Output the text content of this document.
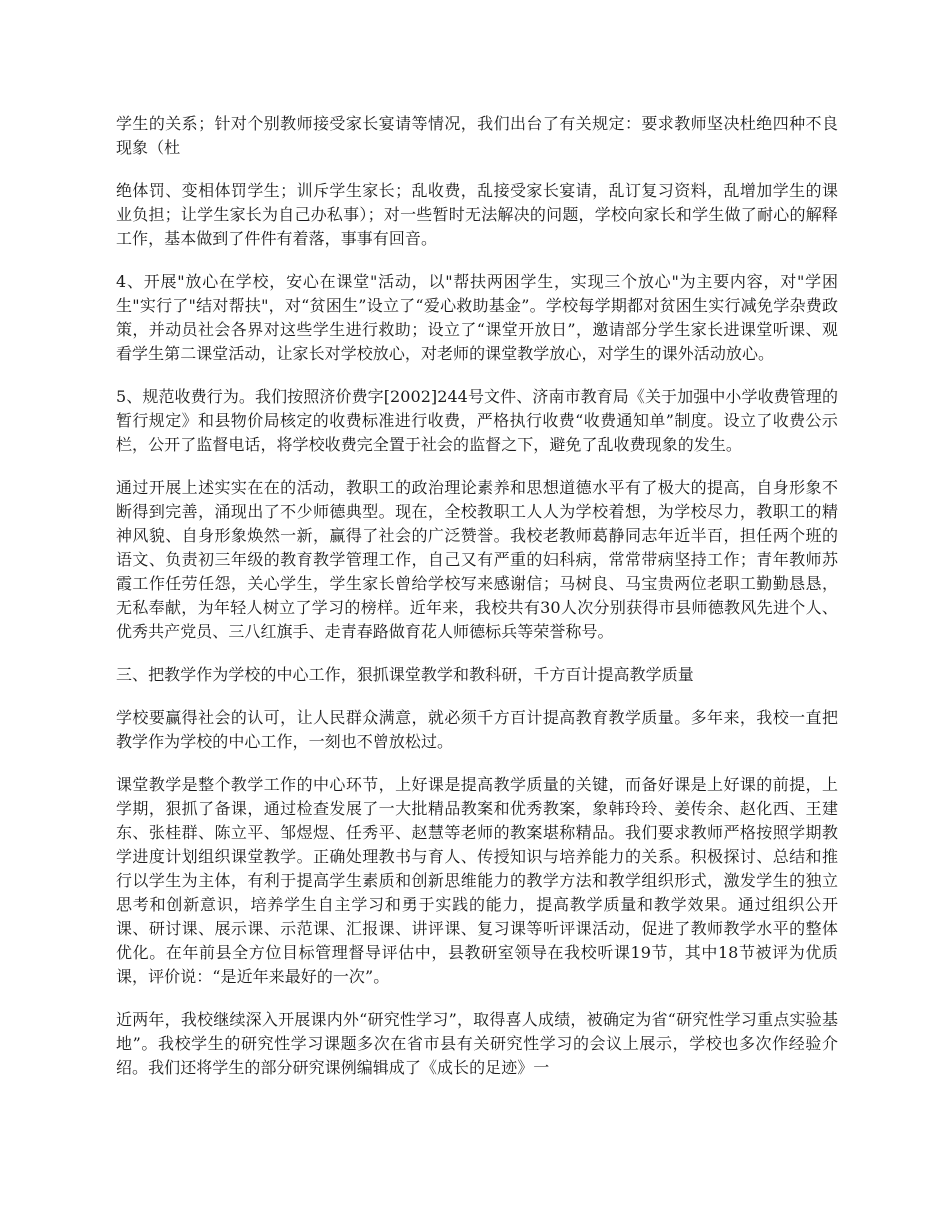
学生的关系；针对个别教师接受家长宴请等情况，我们出台了有关规定：要求教师坚决杜绝四种不良现象（杜

绝体罚、变相体罚学生；训斥学生家长；乱收费，乱接受家长宴请，乱订复习资料，乱增加学生的课业负担；让学生家长为自己办私事）；对一些暂时无法解决的问题，学校向家长和学生做了耐心的解释工作，基本做到了件件有着落，事事有回音。

4、开展"放心在学校，安心在课堂"活动，以"帮扶两困学生，实现三个放心"为主要内容，对"学困生"实行了"结对帮扶"，对“贫困生”设立了“爱心救助基金”。学校每学期都对贫困生实行减免学杂费政策，并动员社会各界对这些学生进行救助；设立了“课堂开放日”，邀请部分学生家长进课堂听课、观看学生第二课堂活动，让家长对学校放心，对老师的课堂教学放心，对学生的课外活动放心。

5、规范收费行为。我们按照济价费字[2002]244号文件、济南市教育局《关于加强中小学收费管理的暂行规定》和县物价局核定的收费标准进行收费，严格执行收费“收费通知单”制度。设立了收费公示栏，公开了监督电话，将学校收费完全置于社会的监督之下，避免了乱收费现象的发生。

通过开展上述实实在在的活动，教职工的政治理论素养和思想道德水平有了极大的提高，自身形象不断得到完善，涌现出了不少师德典型。现在，全校教职工人人为学校着想，为学校尽力，教职工的精神风貌、自身形象焕然一新，赢得了社会的广泛赞誉。我校老教师葛静同志年近半百，担任两个班的语文、负责初三年级的教育教学管理工作，自己又有严重的妇科病，常常带病坚持工作；青年教师苏霞工作任劳任怨，关心学生，学生家长曾给学校写来感谢信；马树良、马宝贵两位老职工勤勤恳恳，无私奉献，为年轻人树立了学习的榜样。近年来，我校共有30人次分别获得市县师德教风先进个人、优秀共产党员、三八红旗手、走青春路做育花人师德标兵等荣誉称号。

三、把教学作为学校的中心工作，狠抓课堂教学和教科研，千方百计提高教学质量

学校要赢得社会的认可，让人民群众满意，就必须千方百计提高教育教学质量。多年来，我校一直把教学作为学校的中心工作，一刻也不曾放松过。

课堂教学是整个教学工作的中心环节，上好课是提高教学质量的关键，而备好课是上好课的前提，上学期，狠抓了备课，通过检查发展了一大批精品教案和优秀教案，象韩玲玲、姜传余、赵化西、王建东、张桂群、陈立平、邹煜煜、任秀平、赵慧等老师的教案堪称精品。我们要求教师严格按照学期教学进度计划组织课堂教学。正确处理教书与育人、传授知识与培养能力的关系。积极探讨、总结和推行以学生为主体，有利于提高学生素质和创新思维能力的教学方法和教学组织形式，激发学生的独立思考和创新意识，培养学生自主学习和勇于实践的能力，提高教学质量和教学效果。通过组织公开课、研讨课、展示课、示范课、汇报课、讲评课、复习课等听评课活动，促进了教师教学水平的整体优化。在年前县全方位目标管理督导评估中，县教研室领导在我校听课19节，其中18节被评为优质课，评价说：“是近年来最好的一次”。

近两年，我校继续深入开展课内外“研究性学习”，取得喜人成绩，被确定为省“研究性学习重点实验基地”。我校学生的研究性学习课题多次在省市县有关研究性学习的会议上展示，学校也多次作经验介绍。我们还将学生的部分研究课例编辑成了《成长的足迹》一
